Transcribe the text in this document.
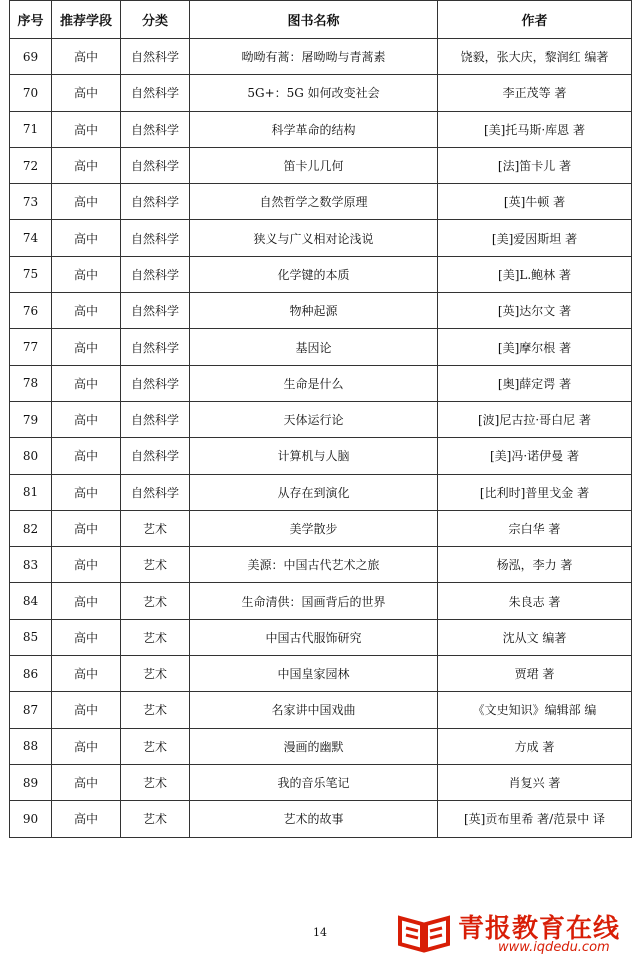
序号	推荐学段	分类	图书名称	作者
69	高中	自然科学	呦呦有蒿：屠呦呦与青蒿素	饶毅，张大庆，黎润红 编著
70	高中	自然科学	5G+：5G 如何改变社会	李正茂等 著
71	高中	自然科学	科学革命的结构	[美]托马斯·库恩 著
72	高中	自然科学	笛卡儿几何	[法]笛卡儿 著
73	高中	自然科学	自然哲学之数学原理	[英]牛顿 著
74	高中	自然科学	狭义与广义相对论浅说	[美]爱因斯坦 著
75	高中	自然科学	化学键的本质	[美]L.鲍林 著
76	高中	自然科学	物种起源	[英]达尔文 著
77	高中	自然科学	基因论	[美]摩尔根 著
78	高中	自然科学	生命是什么	[奥]薛定谔 著
79	高中	自然科学	天体运行论	[波]尼古拉·哥白尼 著
80	高中	自然科学	计算机与人脑	[美]冯·诺伊曼 著
81	高中	自然科学	从存在到演化	[比利时]普里戈金 著
82	高中	艺术	美学散步	宗白华 著
83	高中	艺术	美源：中国古代艺术之旅	杨泓，李力 著
84	高中	艺术	生命清供：国画背后的世界	朱良志 著
85	高中	艺术	中国古代服饰研究	沈从文 编著
86	高中	艺术	中国皇家园林	贾珺 著
87	高中	艺术	名家讲中国戏曲	《文史知识》编辑部 编
88	高中	艺术	漫画的幽默	方成 著
89	高中	艺术	我的音乐笔记	肖复兴 著
90	高中	艺术	艺术的故事	[英]贡布里希 著/范景中 译
14	青报教育在线
www.iqdedu.com
